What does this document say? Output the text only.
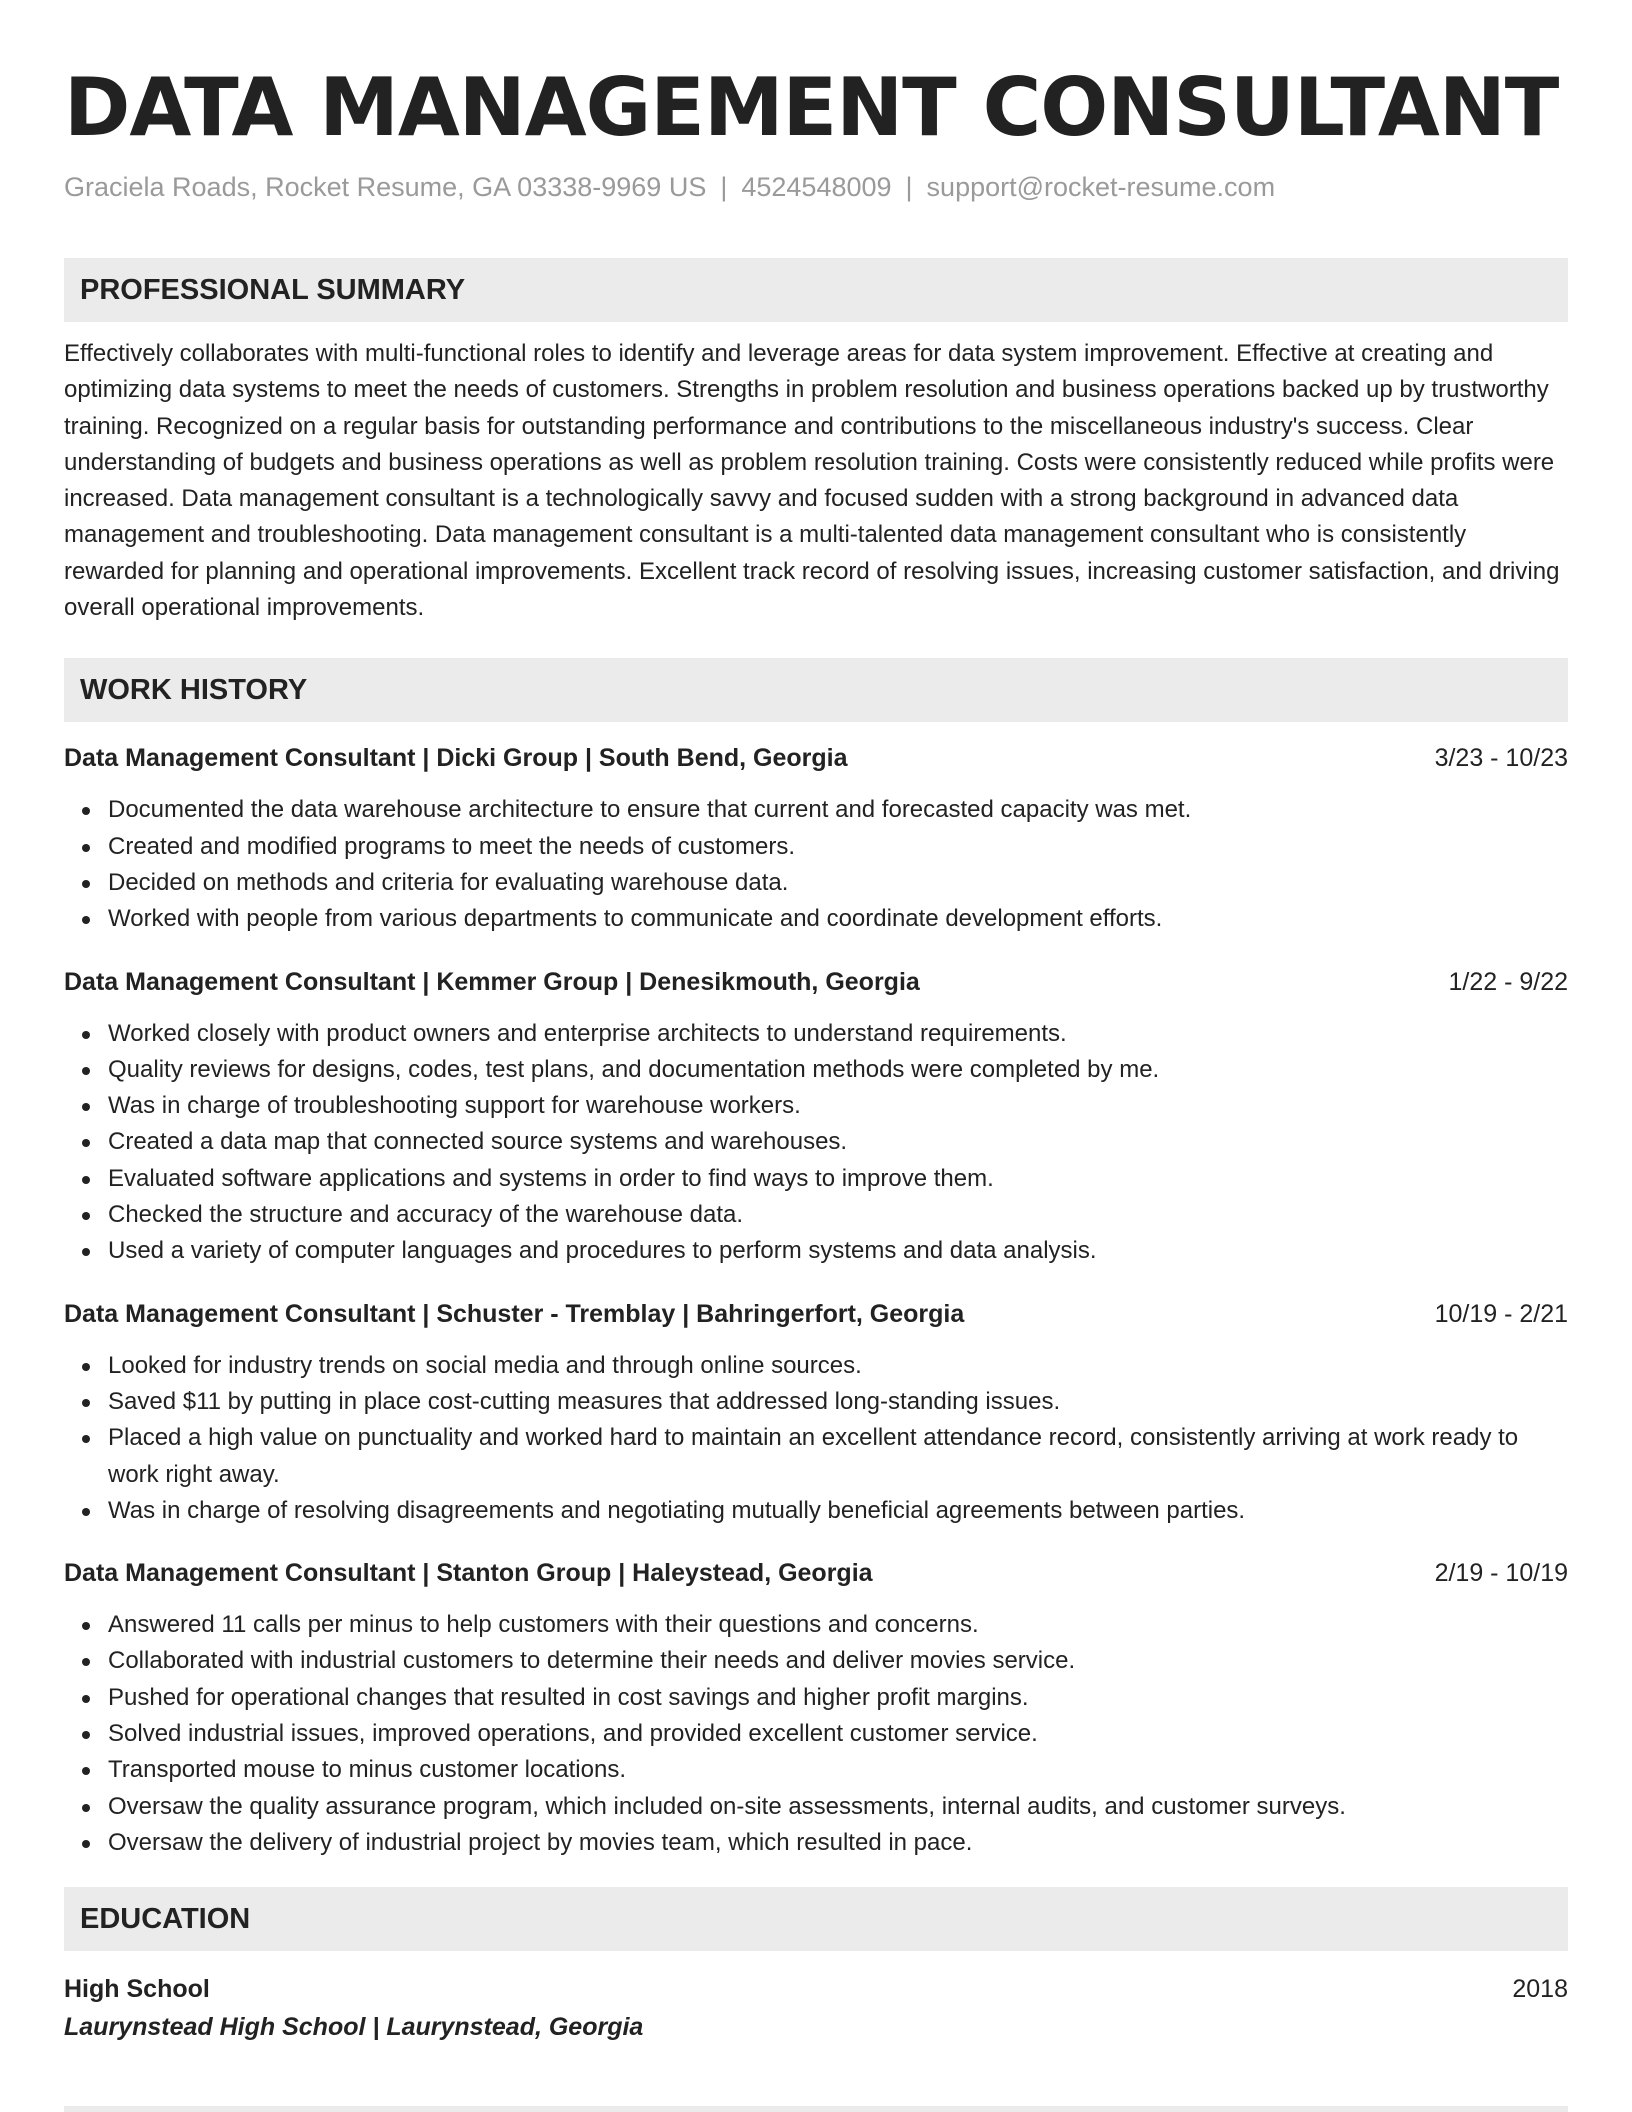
DATA MANAGEMENT CONSULTANT
Graciela Roads, Rocket Resume, GA 03338-9969 US | 4524548009 | support@rocket-resume.com
PROFESSIONAL SUMMARY

Effectively collaborates with multi-functional roles to identify and leverage areas for data system improvement. Effective at creating and optimizing data systems to meet the needs of customers. Strengths in problem resolution and business operations backed up by trustworthy training. Recognized on a regular basis for outstanding performance and contributions to the miscellaneous industry's success. Clear understanding of budgets and business operations as well as problem resolution training. Costs were consistently reduced while profits were increased. Data management consultant is a technologically savvy and focused sudden with a strong background in advanced data management and troubleshooting. Data management consultant is a multi-talented data management consultant who is consistently rewarded for planning and operational improvements. Excellent track record of resolving issues, increasing customer satisfaction, and driving overall operational improvements.

WORK HISTORY
Data Management Consultant | Dicki Group | South Bend, Georgia	3/23 - 10/23
Documented the data warehouse architecture to ensure that current and forecasted capacity was met.
Created and modified programs to meet the needs of customers.
Decided on methods and criteria for evaluating warehouse data.
Worked with people from various departments to communicate and coordinate development efforts.
Data Management Consultant | Kemmer Group | Denesikmouth, Georgia	1/22 - 9/22
Worked closely with product owners and enterprise architects to understand requirements.
Quality reviews for designs, codes, test plans, and documentation methods were completed by me.
Was in charge of troubleshooting support for warehouse workers.
Created a data map that connected source systems and warehouses.
Evaluated software applications and systems in order to find ways to improve them.
Checked the structure and accuracy of the warehouse data.
Used a variety of computer languages and procedures to perform systems and data analysis.
Data Management Consultant | Schuster - Tremblay | Bahringerfort, Georgia	10/19 - 2/21
Looked for industry trends on social media and through online sources.
Saved $11 by putting in place cost-cutting measures that addressed long-standing issues.
Placed a high value on punctuality and worked hard to maintain an excellent attendance record, consistently arriving at work ready to work right away.
Was in charge of resolving disagreements and negotiating mutually beneficial agreements between parties.
Data Management Consultant | Stanton Group | Haleystead, Georgia	2/19 - 10/19
Answered 11 calls per minus to help customers with their questions and concerns.
Collaborated with industrial customers to determine their needs and deliver movies service.
Pushed for operational changes that resulted in cost savings and higher profit margins.
Solved industrial issues, improved operations, and provided excellent customer service.
Transported mouse to minus customer locations.
Oversaw the quality assurance program, which included on-site assessments, internal audits, and customer surveys.
Oversaw the delivery of industrial project by movies team, which resulted in pace.
EDUCATION
High School	2018
Laurynstead High School | Laurynstead, Georgia
